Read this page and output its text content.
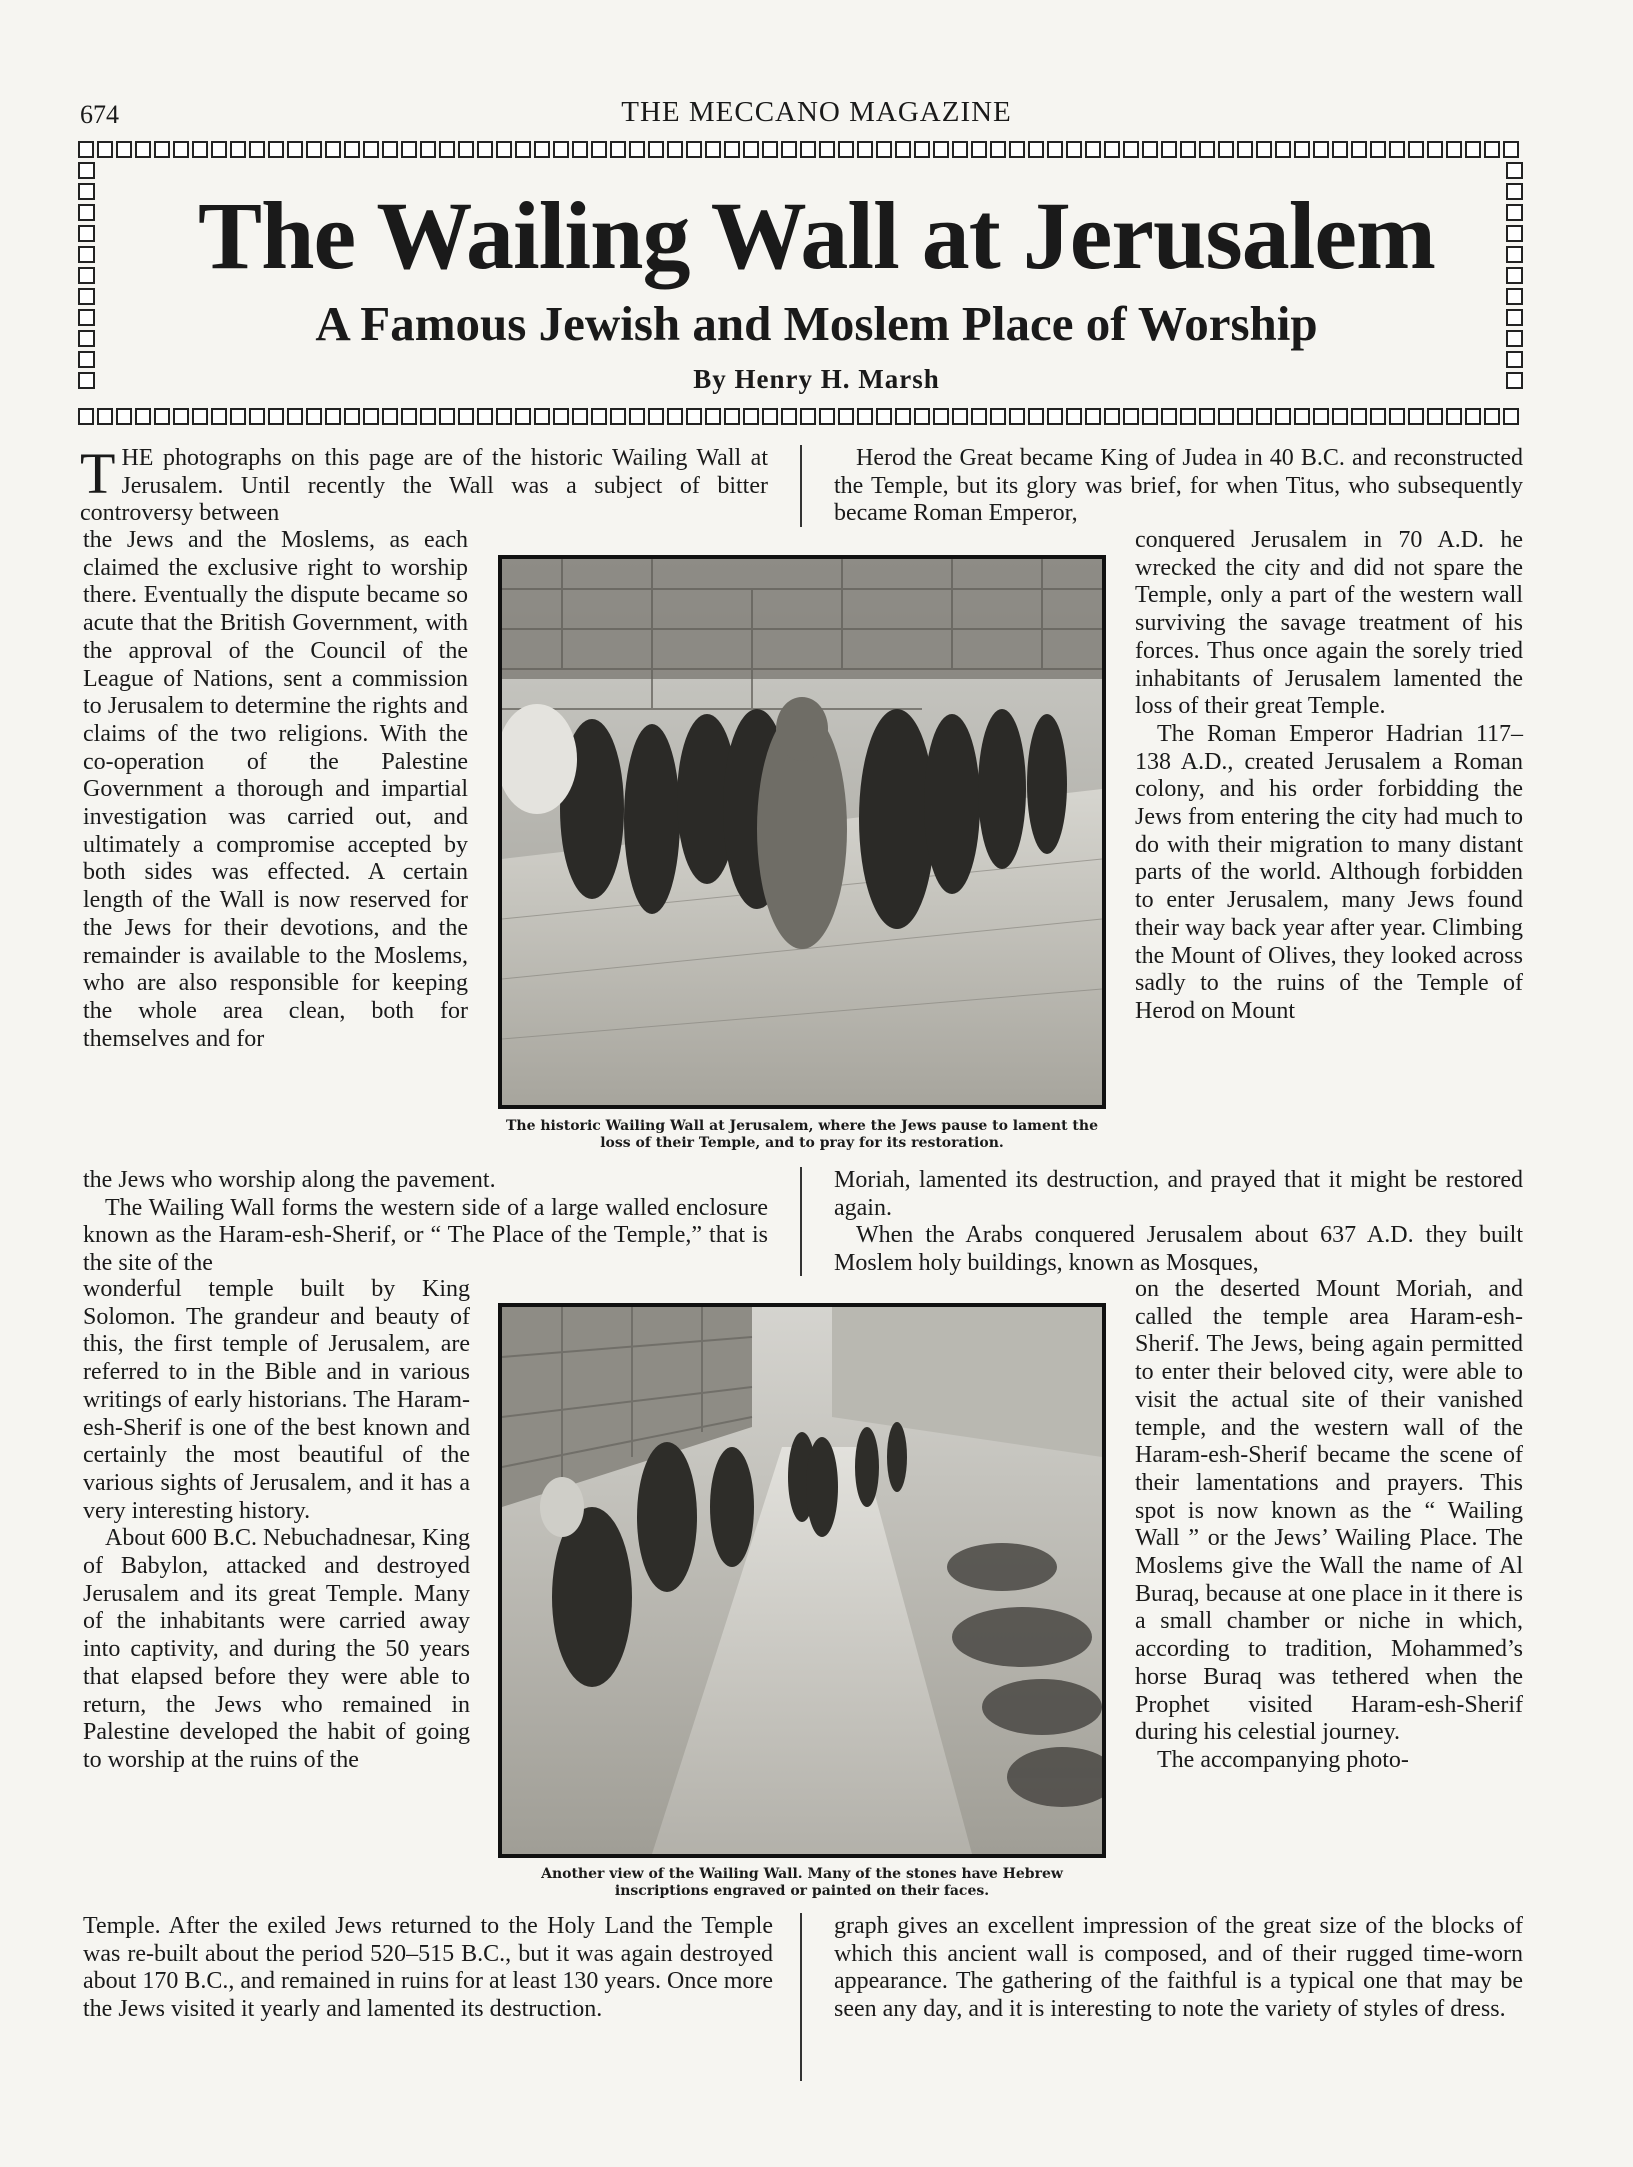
674	THE MECCANO MAGAZINE
The Wailing Wall at Jerusalem
A Famous Jewish and Moslem Place of Worship
By Henry H. Marsh
THE photographs on this page are of the historic Wailing Wall at Jerusalem. Until recently the Wall was a subject of bitter controversy between

the Jews and the Moslems, as each claimed the exclusive right to worship there. Eventually the dispute became so acute that the British Government, with the approval of the Council of the League of Nations, sent a commission to Jerusalem to determine the rights and claims of the two religions. With the co-operation of the Palestine Government a thorough and impartial investigation was carried out, and ultimately a compromise accepted by both sides was effected. A certain length of the Wall is now reserved for the Jews for their devotions, and the remainder is available to the Moslems, who are also responsible for keeping the whole area clean, both for themselves and for

the Jews who worship along the pavement.

The Wailing Wall forms the western side of a large walled enclosure known as the Haram-esh-Sherif, or “ The Place of the Temple,” that is the site of the

wonderful temple built by King Solomon. The grandeur and beauty of this, the first temple of Jerusalem, are referred to in the Bible and in various writings of early historians. The Haram-esh-Sherif is one of the best known and certainly the most beautiful of the various sights of Jerusalem, and it has a very interesting history.

About 600 B.C. Nebuchadnesar, King of Babylon, attacked and destroyed Jerusalem and its great Temple. Many of the inhabitants were carried away into captivity, and during the 50 years that elapsed before they were able to return, the Jews who remained in Palestine developed the habit of going to worship at the ruins of the

Temple. After the exiled Jews returned to the Holy Land the Temple was re-built about the period 520–515 B.C., but it was again destroyed about 170 B.C., and remained in ruins for at least 130 years. Once more the Jews visited it yearly and lamented its destruction.

Herod the Great became King of Judea in 40 B.C. and reconstructed the Temple, but its glory was brief, for when Titus, who subsequently became Roman Emperor,

conquered Jerusalem in 70 A.D. he wrecked the city and did not spare the Temple, only a part of the western wall surviving the savage treatment of his forces. Thus once again the sorely tried inhabitants of Jerusalem lamented the loss of their great Temple.

The Roman Emperor Hadrian 117–138 A.D., created Jerusalem a Roman colony, and his order forbidding the Jews from entering the city had much to do with their migration to many distant parts of the world. Although forbidden to enter Jerusalem, many Jews found their way back year after year. Climbing the Mount of Olives, they looked across sadly to the ruins of the Temple of Herod on Mount

Moriah, lamented its destruction, and prayed that it might be restored again.

When the Arabs conquered Jerusalem about 637 A.D. they built Moslem holy buildings, known as Mosques,

on the deserted Mount Moriah, and called the temple area Haram-esh-Sherif. The Jews, being again permitted to enter their beloved city, were able to visit the actual site of their vanished temple, and the western wall of the Haram-esh-Sherif became the scene of their lamentations and prayers. This spot is now known as the “ Wailing Wall ” or the Jews’ Wailing Place. The Moslems give the Wall the name of Al Buraq, because at one place in it there is a small chamber or niche in which, according to tradition, Mohammed’s horse Buraq was tethered when the Prophet visited Haram-esh-Sherif during his celestial journey.

The accompanying photo-

graph gives an excellent impression of the great size of the blocks of which this ancient wall is composed, and of their rugged time-worn appearance. The gathering of the faithful is a typical one that may be seen any day, and it is interesting to note the variety of styles of dress.

The historic Wailing Wall at Jerusalem, where the Jews pause to lament the loss of their Temple, and to pray for its restoration.
Another view of the Wailing Wall. Many of the stones have Hebrew inscriptions engraved or painted on their faces.
